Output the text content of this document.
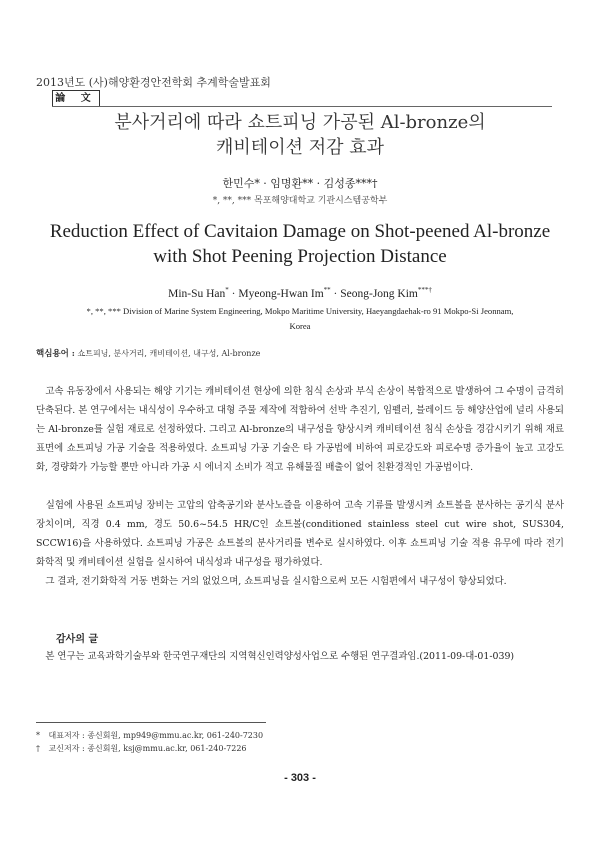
2013년도 (사)해양환경안전학회 추계학술발표회
論 文
분사거리에 따라 쇼트피닝 가공된 Al-bronze의
캐비테이션 저감 효과
한민수* · 임명환** · 김성종***†
*, **, *** 목포해양대학교 기관시스템공학부
Reduction Effect of Cavitaion Damage on Shot-peened Al-bronze
with Shot Peening Projection Distance
Min-Su Han* · Myeong-Hwan Im** · Seong-Jong Kim***†
*, **, *** Division of Marine System Engineering, Mokpo Maritime University, Haeyangdaehak-ro 91 Mokpo-Si Jeonnam,
Korea
핵심용어 : 쇼트피닝, 분사거리, 캐비테이션, 내구성, Al-bronze
　고속 유동장에서 사용되는 해양 기기는 캐비테이션 현상에 의한 침식 손상과 부식 손상이 복합적으로 발생하여 그 수명이 급격히 단축된다. 본 연구에서는 내식성이 우수하고 대형 주물 제작에 적합하여 선박 추진기, 임펠러, 블레이드 등 해양산업에 널리 사용되는 Al-bronze를 실험 재료로 선정하였다. 그리고 Al-bronze의 내구성을 향상시켜 캐비테이션 침식 손상을 경감시키기 위해 재료 표면에 쇼트피닝 가공 기술을 적용하였다. 쇼트피닝 가공 기술은 타 가공법에 비하여 피로강도와 피로수명 증가율이 높고 고강도화, 경량화가 가능할 뿐만 아니라 가공 시 에너지 소비가 적고 유해물질 배출이 없어 친환경적인 가공법이다.
　실험에 사용된 쇼트피닝 장비는 고압의 압축공기와 분사노즐을 이용하여 고속 기류를 발생시켜 쇼트볼을 분사하는 공기식 분사장치이며, 직경 0.4 mm, 경도 50.6~54.5 HR/C인 쇼트볼(conditioned stainless steel cut wire shot, SUS304, SCCW16)을 사용하였다. 쇼트피닝 가공은 쇼트볼의 분사거리를 변수로 실시하였다. 이후 쇼트피닝 기술 적용 유무에 따라 전기화학적 및 캐비테이션 실험을 실시하여 내식성과 내구성을 평가하였다.
　그 결과, 전기화학적 거동 변화는 거의 없었으며, 쇼트피닝을 실시함으로써 모든 시험편에서 내구성이 향상되었다.
감사의 글
　본 연구는 교육과학기술부와 한국연구재단의 지역혁신인력양성사업으로 수행된 연구결과임.(2011-09-대-01-039)
* 대표저자 : 종신회원, mp949@mmu.ac.kr, 061-240-7230
† 교신저자 : 종신회원, ksj@mmu.ac.kr, 061-240-7226
- 303 -
